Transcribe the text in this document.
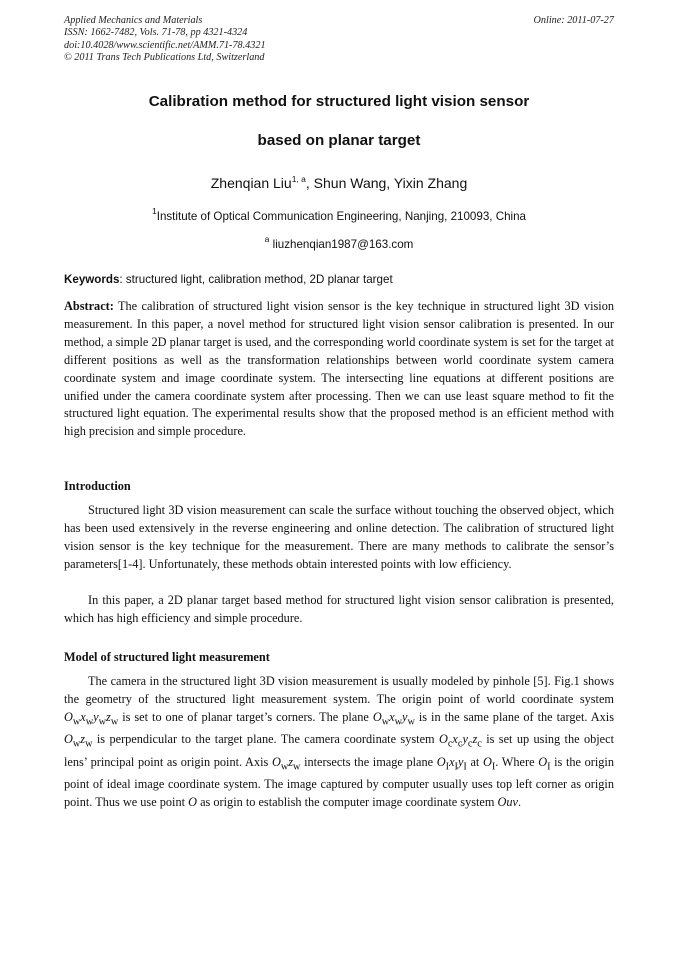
Applied Mechanics and Materials
ISSN: 1662-7482, Vols. 71-78, pp 4321-4324
doi:10.4028/www.scientific.net/AMM.71-78.4321
© 2011 Trans Tech Publications Ltd, Switzerland
Online: 2011-07-27
Calibration method for structured light vision sensor
based on planar target
Zhenqian Liu$^{1, a}$, Shun Wang, Yixin Zhang
$^1$Institute of Optical Communication Engineering, Nanjing, 210093, China
$^a$ liuzhenqian1987@163.com
Keywords: structured light, calibration method, 2D planar target
Abstract: The calibration of structured light vision sensor is the key technique in structured light 3D vision measurement. In this paper, a novel method for structured light vision sensor calibration is presented. In our method, a simple 2D planar target is used, and the corresponding world coordinate system is set for the target at different positions as well as the transformation relationships between world coordinate system camera coordinate system and image coordinate system. The intersecting line equations at different positions are unified under the camera coordinate system after processing. Then we can use least square method to fit the structured light equation. The experimental results show that the proposed method is an efficient method with high precision and simple procedure.
Introduction
Structured light 3D vision measurement can scale the surface without touching the observed object, which has been used extensively in the reverse engineering and online detection. The calibration of structured light vision sensor is the key technique for the measurement. There are many methods to calibrate the sensor’s parameters[1-4]. Unfortunately, these methods obtain interested points with low efficiency.
In this paper, a 2D planar target based method for structured light vision sensor calibration is presented, which has high efficiency and simple procedure.
Model of structured light measurement
The camera in the structured light 3D vision measurement is usually modeled by pinhole [5]. Fig.1 shows the geometry of the structured light measurement system. The origin point of world coordinate system $O_wx_wy_wz_w$ is set to one of planar target’s corners. The plane $O_wx_wy_w$ is in the same plane of the target. Axis $O_wz_w$ is perpendicular to the target plane. The camera coordinate system $O_cx_cy_cz_c$ is set up using the object lens’ principal point as origin point. Axis $O_wz_w$ intersects the image plane $O_Ix_Iy_I$ at $O_I$. Where $O_I$ is the origin point of ideal image coordinate system. The image captured by computer usually uses top left corner as origin point. Thus we use point O as origin to establish the computer image coordinate system Ouv.
